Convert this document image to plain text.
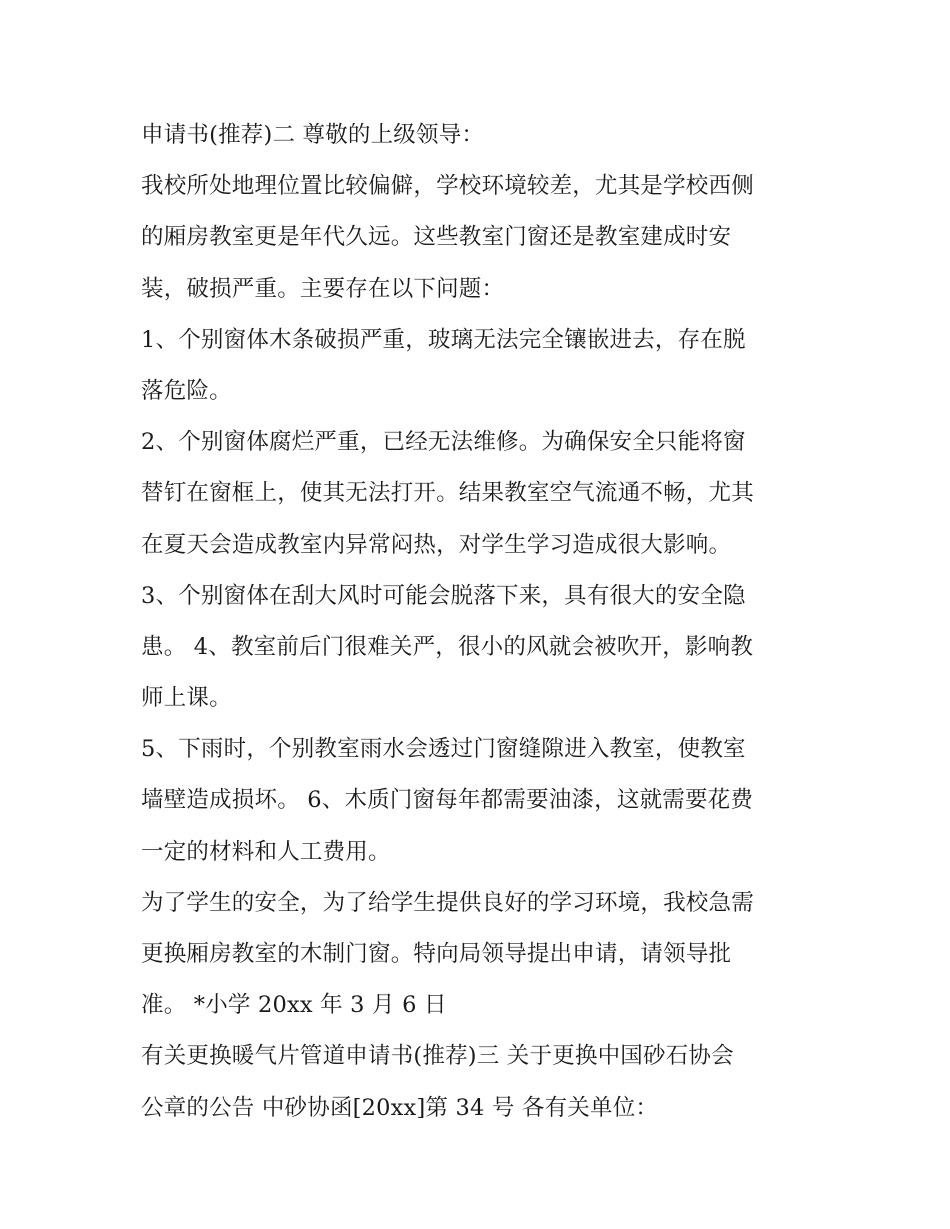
申请书(推荐)二 尊敬的上级领导：
我校所处地理位置比较偏僻，学校环境较差，尤其是学校西侧
的厢房教室更是年代久远。这些教室门窗还是教室建成时安
装，破损严重。主要存在以下问题：
1、个别窗体木条破损严重，玻璃无法完全镶嵌进去，存在脱
落危险。
2、个别窗体腐烂严重，已经无法维修。为确保安全只能将窗
替钉在窗框上，使其无法打开。结果教室空气流通不畅，尤其
在夏天会造成教室内异常闷热，对学生学习造成很大影响。
3、个别窗体在刮大风时可能会脱落下来，具有很大的安全隐
患。 4、教室前后门很难关严，很小的风就会被吹开，影响教
师上课。
5、下雨时，个别教室雨水会透过门窗缝隙进入教室，使教室
墙壁造成损坏。 6、木质门窗每年都需要油漆，这就需要花费
一定的材料和人工费用。
为了学生的安全，为了给学生提供良好的学习环境，我校急需
更换厢房教室的木制门窗。特向局领导提出申请，请领导批
准。 *小学 20xx 年 3 月 6 日
有关更换暖气片管道申请书(推荐)三 关于更换中国砂石协会
公章的公告 中砂协函[20xx]第 34 号 各有关单位：
